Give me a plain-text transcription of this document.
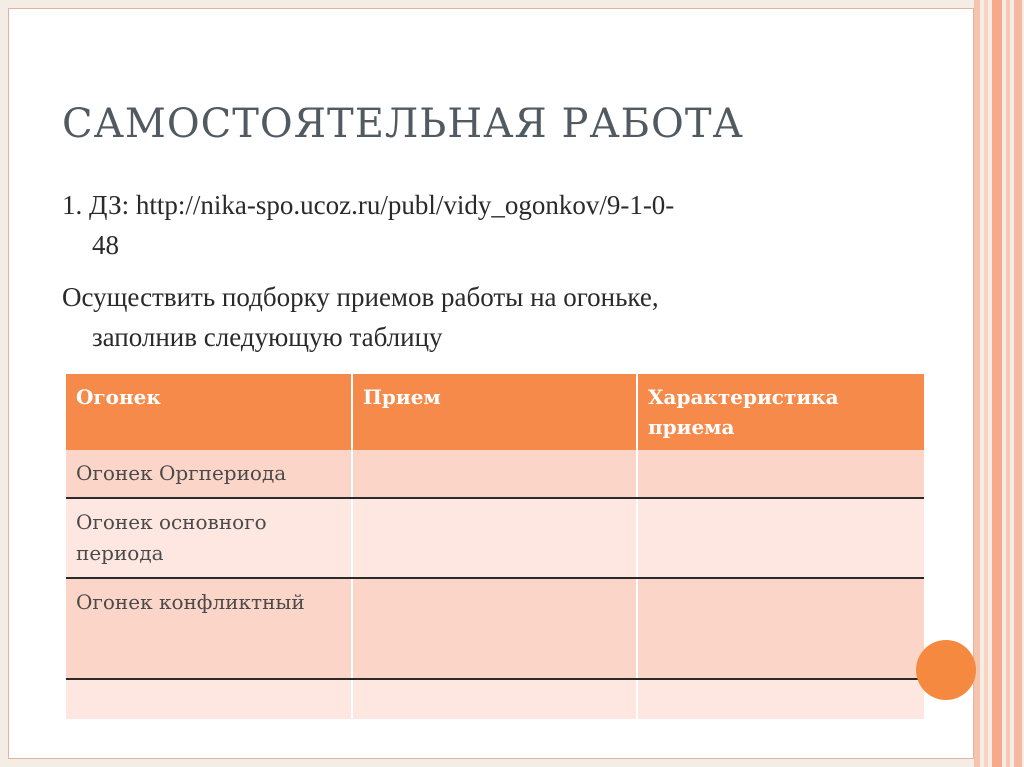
САМОСТОЯТЕЛЬНАЯ РАБОТА
1. ДЗ: http://nika-spo.ucoz.ru/publ/vidy_ogonkov/9-1-0-
48
Осуществить подборку приемов работы на огоньке,
заполнив следующую таблицу
Огонек	Прием	Характеристика приема
Огонек Оргпериода		
Огонек основного периода		
Огонек конфликтный		
